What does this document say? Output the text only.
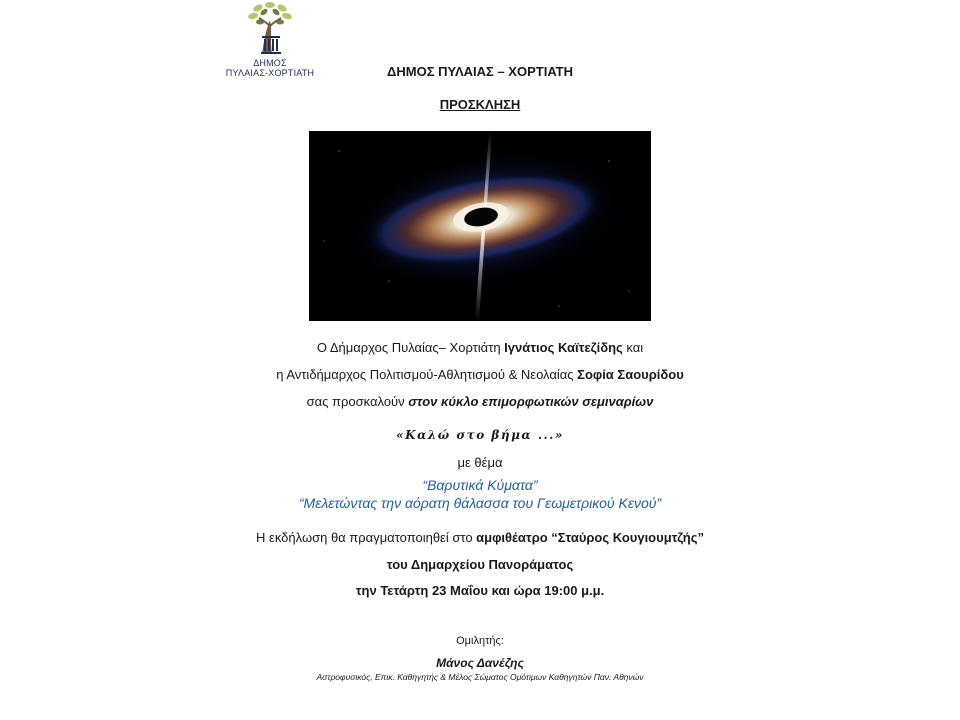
ΔΗΜΟΣ
ΠΥΛΑΙΑΣ-ΧΟΡΤΙΑΤΗ	ΔΗΜΟΣ ΠΥΛΑΙΑΣ – ΧΟΡΤΙΑΤΗ
ΠΡΟΣΚΛΗΣΗ
Ο Δήμαρχος Πυλαίας– Χορτιάτη Ιγνάτιος Καϊτεζίδης και
η Αντιδήμαρχος Πολιτισμού-Αθλητισμού & Νεολαίας Σοφία Σαουρίδου
σας προσκαλούν στον κύκλο επιμορφωτικών σεμιναρίων
«Καλώ στο βήμα ...»
με θέμα
“Βαρυτικά Κύματα”
“Μελετώντας την αόρατη θάλασσα του Γεωμετρικού Κενού”
Η εκδήλωση θα πραγματοποιηθεί στο αμφιθέατρο “Σταύρος Κουγιουμτζής”
του Δημαρχείου Πανοράματος
την Τετάρτη 23 Μαΐου και ώρα 19:00 μ.μ.
Ομιλητής:
Μάνος Δανέζης
Αστροφυσικός, Επικ. Καθηγητής & Μέλος Σώματος Ομότιμων Καθηγητών Παν. Αθηνών
